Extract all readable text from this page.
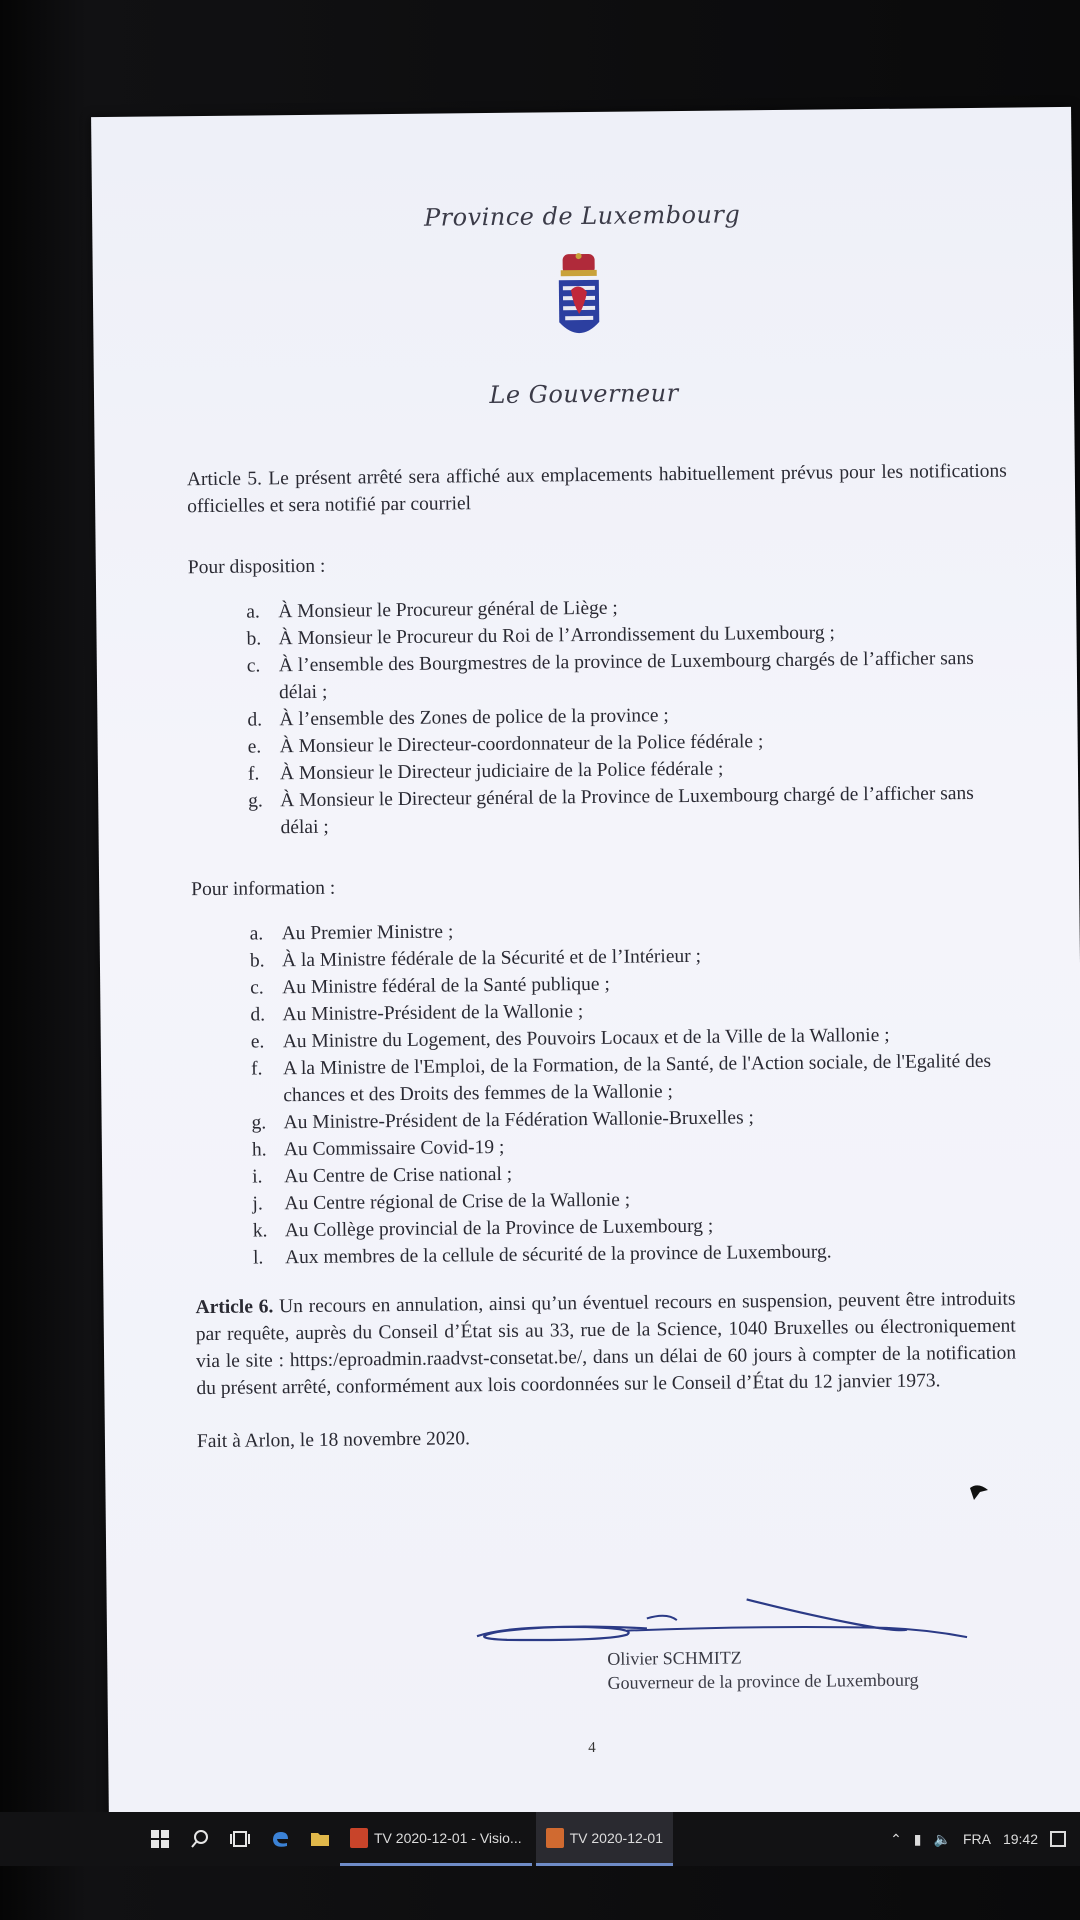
Province de Luxembourg
Le Gouverneur

Article 5. Le présent arrêté sera affiché aux emplacements habituellement prévus pour les notifications officielles et sera notifié par courriel

Pour disposition :
a. À Monsieur le Procureur général de Liège ;
b. À Monsieur le Procureur du Roi de l’Arrondissement du Luxembourg ;
c. À l’ensemble des Bourgmestres de la province de Luxembourg chargés de l’afficher sans délai ;
d. À l’ensemble des Zones de police de la province ;
e. À Monsieur le Directeur-coordonnateur de la Police fédérale ;
f. À Monsieur le Directeur judiciaire de la Police fédérale ;
g. À Monsieur le Directeur général de la Province de Luxembourg chargé de l’afficher sans délai ;
Pour information :
a. Au Premier Ministre ;
b. À la Ministre fédérale de la Sécurité et de l’Intérieur ;
c. Au Ministre fédéral de la Santé publique ;
d. Au Ministre-Président de la Wallonie ;
e. Au Ministre du Logement, des Pouvoirs Locaux et de la Ville de la Wallonie ;
f. A la Ministre de l'Emploi, de la Formation, de la Santé, de l'Action sociale, de l'Egalité des chances et des Droits des femmes de la Wallonie ;
g. Au Ministre-Président de la Fédération Wallonie-Bruxelles ;
h. Au Commissaire Covid-19 ;
i. Au Centre de Crise national ;
j. Au Centre régional de Crise de la Wallonie ;
k. Au Collège provincial de la Province de Luxembourg ;
l. Aux membres de la cellule de sécurité de la province de Luxembourg.

Article 6. Un recours en annulation, ainsi qu’un éventuel recours en suspension, peuvent être introduits par requête, auprès du Conseil d’État sis au 33, rue de la Science, 1040 Bruxelles ou électroniquement via le site : https:/eproadmin.raadvst-consetat.be/, dans un délai de 60 jours à compter de la notification du présent arrêté, conformément aux lois coordonnées sur le Conseil d’État du 12 janvier 1973.

Fait à Arlon, le 18 novembre 2020.
Olivier SCHMITZ
Gouverneur de la province de Luxembourg
4
TV 2020-12-01 - Visio...	TV 2020-12-01	⌃ ▮ 🔈 FRA 19:42
